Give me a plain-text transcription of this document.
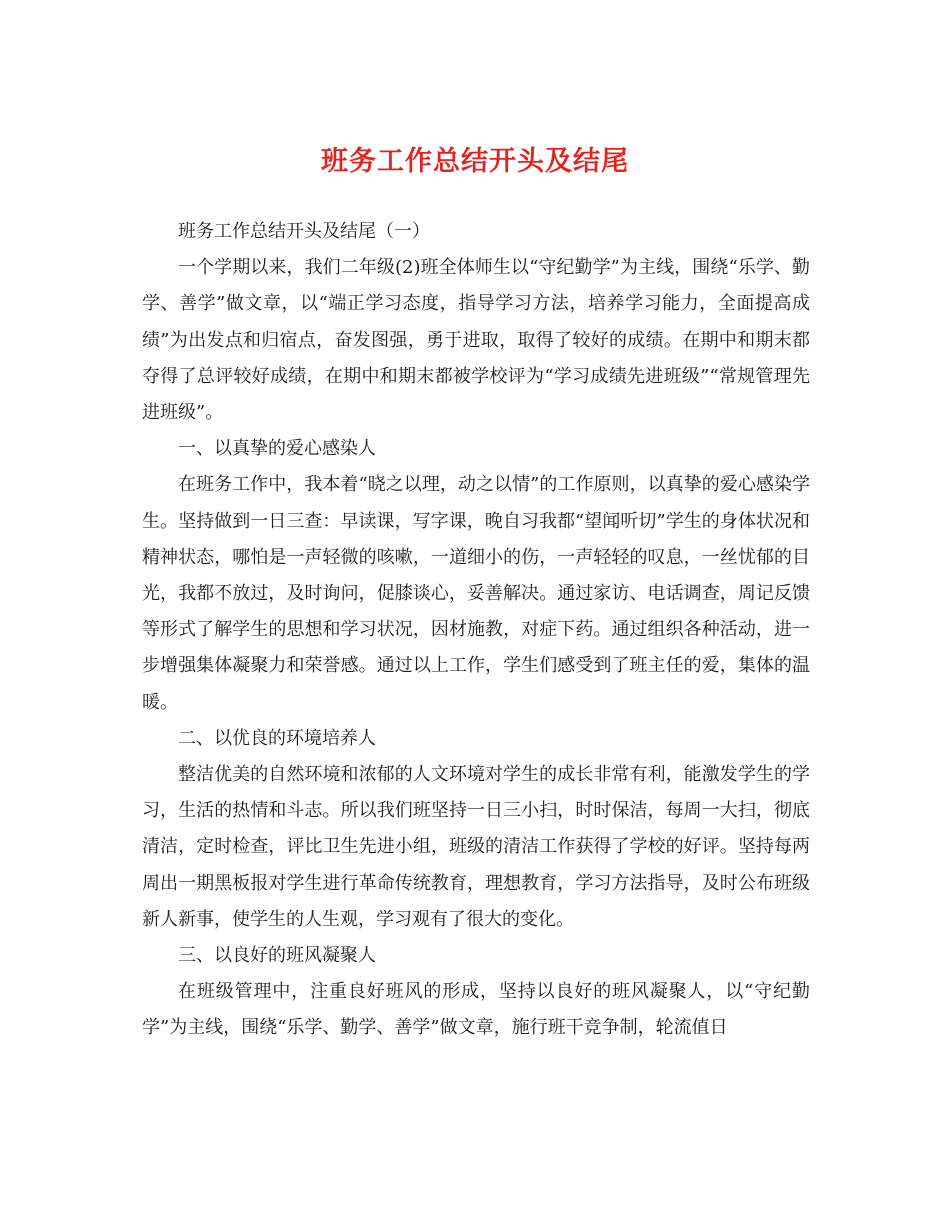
班务工作总结开头及结尾

班务工作总结开头及结尾（一）

一个学期以来，我们二年级(2)班全体师生以“守纪勤学”为主线，围绕“乐学、勤学、善学”做文章，以“端正学习态度，指导学习方法，培养学习能力，全面提高成绩”为出发点和归宿点，奋发图强，勇于进取，取得了较好的成绩。在期中和期末都夺得了总评较好成绩，在期中和期末都被学校评为“学习成绩先进班级”“常规管理先进班级”。

一、以真挚的爱心感染人

在班务工作中，我本着“晓之以理，动之以情”的工作原则，以真挚的爱心感染学生。坚持做到一日三查：早读课，写字课，晚自习我都“望闻听切”学生的身体状况和精神状态，哪怕是一声轻微的咳嗽，一道细小的伤，一声轻轻的叹息，一丝忧郁的目光，我都不放过，及时询问，促膝谈心，妥善解决。通过家访、电话调查，周记反馈等形式了解学生的思想和学习状况，因材施教，对症下药。通过组织各种活动，进一步增强集体凝聚力和荣誉感。通过以上工作，学生们感受到了班主任的爱，集体的温暖。

二、以优良的环境培养人

整洁优美的自然环境和浓郁的人文环境对学生的成长非常有利，能激发学生的学习，生活的热情和斗志。所以我们班坚持一日三小扫，时时保洁，每周一大扫，彻底清洁，定时检查，评比卫生先进小组，班级的清洁工作获得了学校的好评。坚持每两周出一期黑板报对学生进行革命传统教育，理想教育，学习方法指导，及时公布班级新人新事，使学生的人生观，学习观有了很大的变化。

三、以良好的班风凝聚人

在班级管理中，注重良好班风的形成，坚持以良好的班风凝聚人，以“守纪勤学”为主线，围绕“乐学、勤学、善学”做文章，施行班干竞争制，轮流值日
